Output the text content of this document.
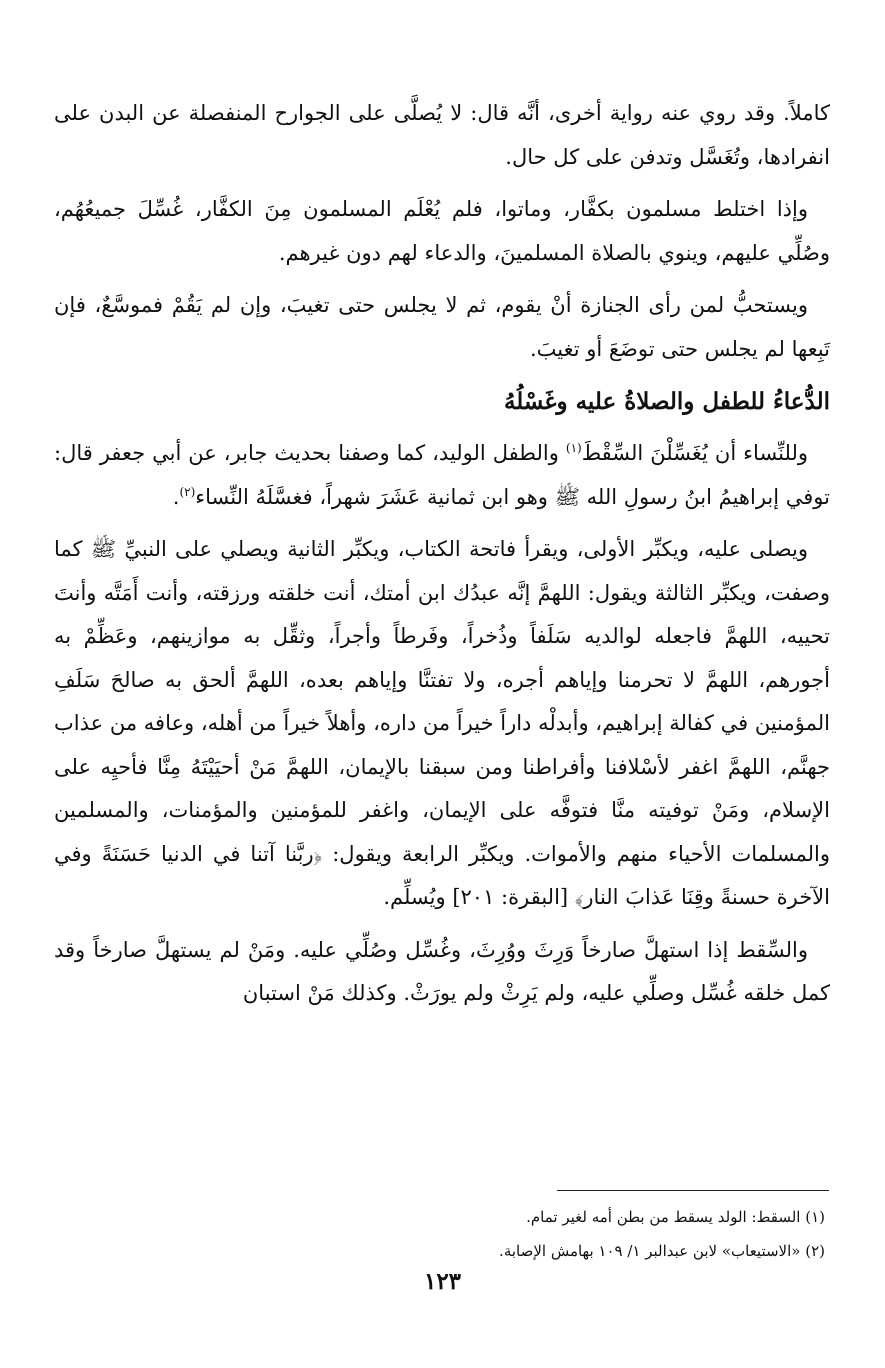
كاملاً. وقد روي عنه رواية أخرى، أنَّه قال: لا يُصلَّى على الجوارح المنفصلة عن البدن على انفرادها، وتُغَسَّل وتدفن على كل حال.

وإذا اختلط مسلمون بكفَّار، وماتوا، فلم يُعْلَم المسلمون مِنَ الكفَّار، غُسِّلَ جميعُهُم، وصُلِّي عليهم، وينوي بالصلاة المسلمينَ، والدعاء لهم دون غيرهم.

ويستحبُّ لمن رأى الجنازة أنْ يقوم، ثم لا يجلس حتى تغيبَ، وإن لم يَقُمْ فموسَّعٌ، فإن تَبِعها لم يجلس حتى توضَعَ أو تغيبَ.

الدُّعاءُ للطفل والصلاةُ عليه وغَسْلُهُ

وللنِّساء أن يُغَسِّلْنَ السِّقْطَ$^{(١)}$ والطفل الوليد، كما وصفنا بحديث جابر، عن أبي جعفر قال: توفي إبراهيمُ ابنُ رسولِ الله ﷺ وهو ابن ثمانية عَشَرَ شهراً، فغسَّلَهُ النِّساء$^{(٢)}$.

ويصلى عليه، ويكبِّر الأولى، ويقرأ فاتحة الكتاب، ويكبِّر الثانية ويصلي على النبيِّ ﷺ كما وصفت، ويكبِّر الثالثة ويقول: اللهمَّ إنَّه عبدُك ابن أمتك، أنت خلقته ورزقته، وأنت أَمَتَّه وأنتَ تحييه، اللهمَّ فاجعله لوالديه سَلَفاً وذُخراً، وفَرطاً وأجراً، وثقِّل به موازينهم، وعَظِّمْ به أجورهم، اللهمَّ لا تحرمنا وإياهم أجره، ولا تفتنَّا وإياهم بعده، اللهمَّ ألحق به صالحَ سَلَفِ المؤمنين في كفالة إبراهيم، وأبدلْه داراً خيراً من داره، وأهلاً خيراً من أهله، وعافه من عذاب جهنَّم، اللهمَّ اغفر لأسْلافنا وأفراطنا ومن سبقنا بالإيمان، اللهمَّ مَنْ أحيَيْتَهُ مِنَّا فأحيِه على الإسلام، ومَنْ توفيته منَّا فتوفَّه على الإيمان، واغفر للمؤمنين والمؤمنات، والمسلمين والمسلمات الأحياء منهم والأموات. ويكبِّر الرابعة ويقول: ﴿ربَّنا آتنا في الدنيا حَسَنَةً وفي الآخرة حسنةً وقِنَا عَذابَ النار﴾ [البقرة: ٢٠١] ويُسلِّم.

والسِّقط إذا استهلَّ صارخاً وَرِثَ ووُرِثَ، وغُسِّل وصُلِّي عليه. ومَنْ لم يستهلَّ صارخاً وقد كمل خلقه غُسِّل وصلِّي عليه، ولم يَرِثْ ولم يورَثْ. وكذلك مَنْ استبان

(١) السقط: الولد يسقط من بطن أمه لغير تمام.
(٢) «الاستيعاب» لابن عبدالبر ١/ ١٠٩ بهامش الإصابة.
١٢٣
